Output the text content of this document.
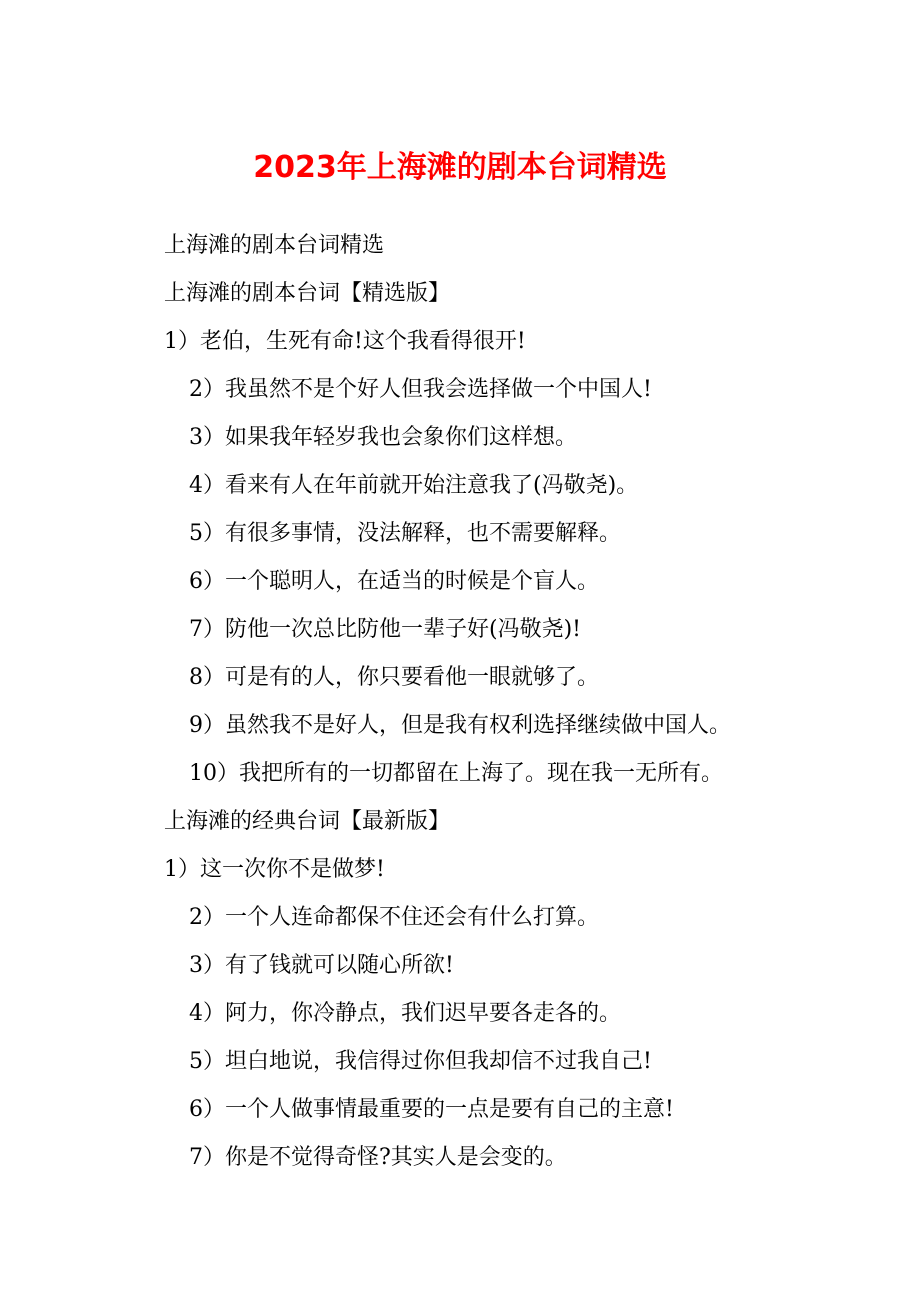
2023年上海滩的剧本台词精选

上海滩的剧本台词精选

上海滩的剧本台词【精选版】

1）老伯，生死有命!这个我看得很开!

2）我虽然不是个好人但我会选择做一个中国人!

3）如果我年轻岁我也会象你们这样想。

4）看来有人在年前就开始注意我了(冯敬尧)。

5）有很多事情，没法解释，也不需要解释。

6）一个聪明人，在适当的时候是个盲人。

7）防他一次总比防他一辈子好(冯敬尧)!

8）可是有的人，你只要看他一眼就够了。

9）虽然我不是好人，但是我有权利选择继续做中国人。

10）我把所有的一切都留在上海了。现在我一无所有。

上海滩的经典台词【最新版】

1）这一次你不是做梦!

2）一个人连命都保不住还会有什么打算。

3）有了钱就可以随心所欲!

4）阿力，你冷静点，我们迟早要各走各的。

5）坦白地说，我信得过你但我却信不过我自己!

6）一个人做事情最重要的一点是要有自己的主意!

7）你是不觉得奇怪?其实人是会变的。
